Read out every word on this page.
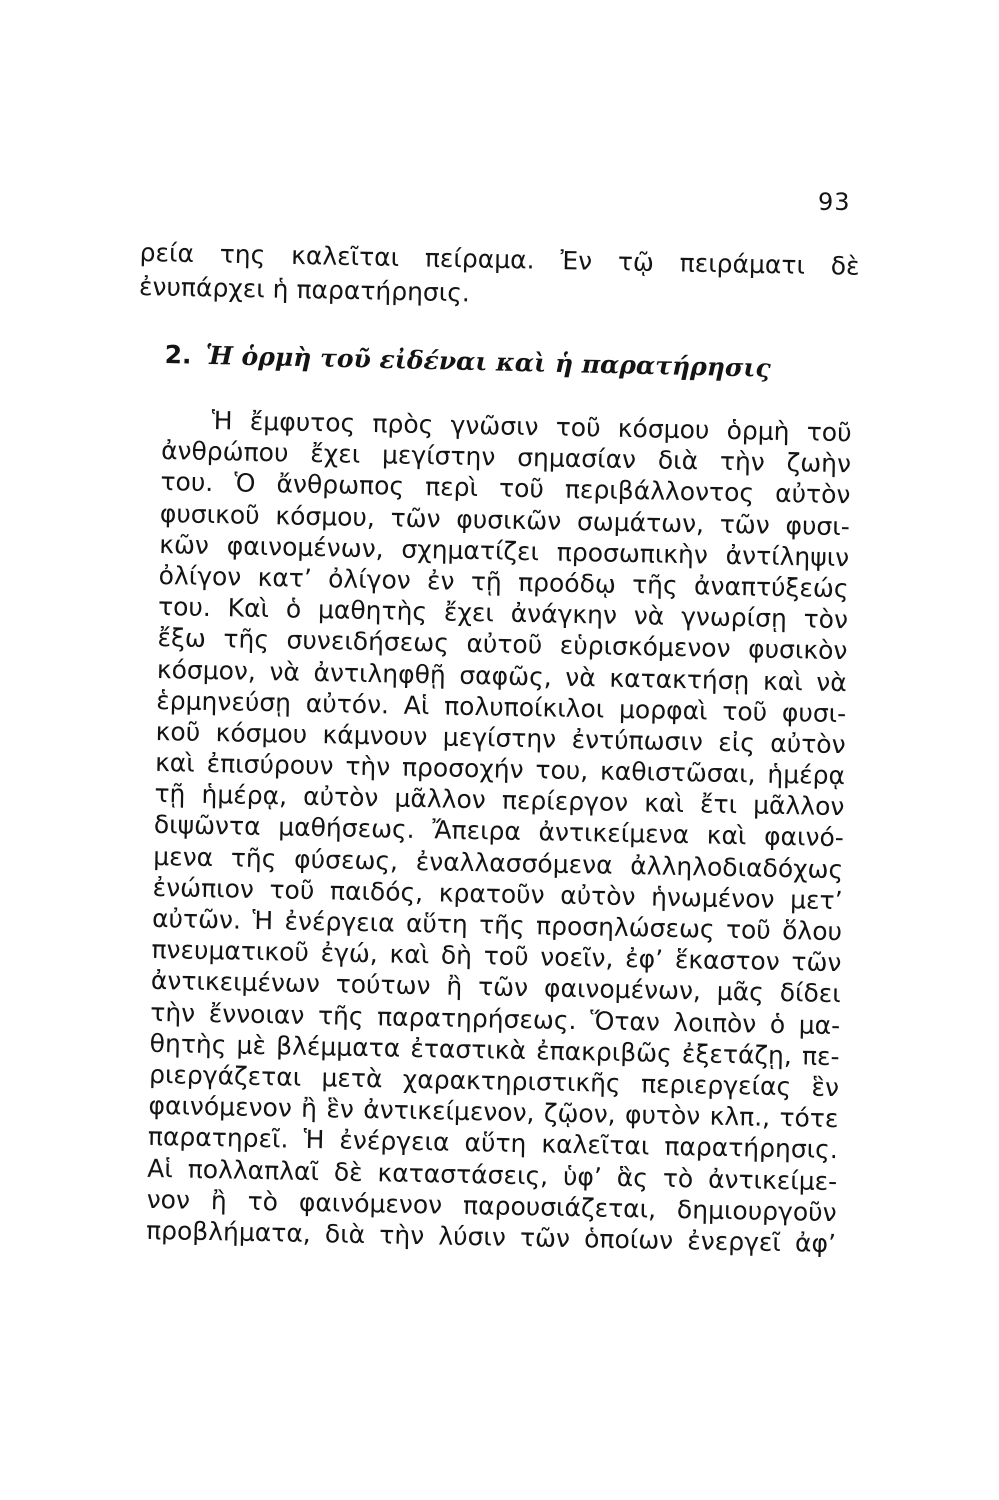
93
ρεία της καλεῖται πείραμα. Ἐν τῷ πειράματι δὲ
ἐνυπάρχει ἡ παρατήρησις.
2. Ἡ ὁρμὴ τοῦ εἰδέναι καὶ ἡ παρατήρησις
Ἡ ἔμφυτος πρὸς γνῶσιν τοῦ κόσμου ὁρμὴ τοῦ
ἀνθρώπου ἔχει μεγίστην σημασίαν διὰ τὴν ζωὴν
του. Ὁ ἄνθρωπος περὶ τοῦ περιβάλλοντος αὐτὸν
φυσικοῦ κόσμου, τῶν φυσικῶν σωμάτων, τῶν φυσι-
κῶν φαινομένων, σχηματίζει προσωπικὴν ἀντίληψιν
ὀλίγον κατ’ ὀλίγον ἐν τῇ προόδῳ τῆς ἀναπτύξεώς
του. Καὶ ὁ μαθητὴς ἔχει ἀνάγκην νὰ γνωρίσῃ τὸν
ἔξω τῆς συνειδήσεως αὐτοῦ εὑρισκόμενον φυσικὸν
κόσμον, νὰ ἀντιληφθῇ σαφῶς, νὰ κατακτήσῃ καὶ νὰ
ἑρμηνεύσῃ αὐτόν. Αἱ πολυποίκιλοι μορφαὶ τοῦ φυσι-
κοῦ κόσμου κάμνουν μεγίστην ἐντύπωσιν εἰς αὐτὸν
καὶ ἐπισύρουν τὴν προσοχήν του, καθιστῶσαι, ἡμέρᾳ
τῇ ἡμέρᾳ, αὐτὸν μᾶλλον περίεργον καὶ ἔτι μᾶλλον
διψῶντα μαθήσεως. Ἄπειρα ἀντικείμενα καὶ φαινό-
μενα τῆς φύσεως, ἐναλλασσόμενα ἀλληλοδιαδόχως
ἐνώπιον τοῦ παιδός, κρατοῦν αὐτὸν ἡνωμένον μετ’
αὐτῶν. Ἡ ἐνέργεια αὕτη τῆς προσηλώσεως τοῦ ὅλου
πνευματικοῦ ἐγώ, καὶ δὴ τοῦ νοεῖν, ἐφ’ ἕκαστον τῶν
ἀντικειμένων τούτων ἢ τῶν φαινομένων, μᾶς δίδει
τὴν ἔννοιαν τῆς παρατηρήσεως. Ὅταν λοιπὸν ὁ μα-
θητὴς μὲ βλέμματα ἐταστικὰ ἐπακριβῶς ἐξετάζῃ, πε-
ριεργάζεται μετὰ χαρακτηριστικῆς περιεργείας ἓν
φαινόμενον ἢ ἓν ἀντικείμενον, ζῷον, φυτὸν κλπ., τότε
παρατηρεῖ. Ἡ ἐνέργεια αὕτη καλεῖται παρατήρησις.
Αἱ πολλαπλαῖ δὲ καταστάσεις, ὑφ’ ἃς τὸ ἀντικείμε-
νον ἢ τὸ φαινόμενον παρουσιάζεται, δημιουργοῦν
προβλήματα, διὰ τὴν λύσιν τῶν ὁποίων ἐνεργεῖ ἀφ’
